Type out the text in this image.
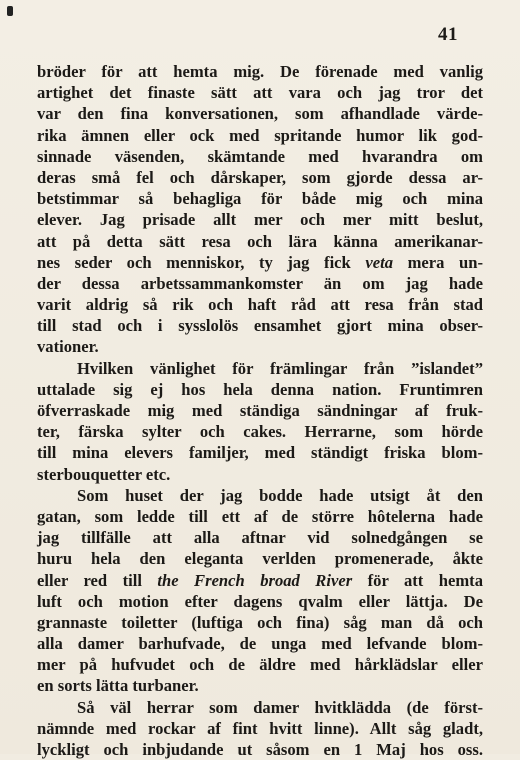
41
bröder för att hemta mig. De förenade med vanlig
artighet det finaste sätt att vara och jag tror det
var den fina konversationen, som afhandlade värde-
rika ämnen eller ock med spritande humor lik god-
sinnade väsenden, skämtande med hvarandra om
deras små fel och dårskaper, som gjorde dessa ar-
betstimmar så behagliga för både mig och mina
elever. Jag prisade allt mer och mer mitt beslut,
att på detta sätt resa och lära känna amerikanar-
nes seder och menniskor, ty jag fick veta mera un-
der dessa arbetssammankomster än om jag hade
varit aldrig så rik och haft råd att resa från stad
till stad och i sysslolös ensamhet gjort mina obser-
vationer.
Hvilken vänlighet för främlingar från ”islandet”
uttalade sig ej hos hela denna nation. Fruntimren
öfverraskade mig med ständiga sändningar af fruk-
ter, färska sylter och cakes. Herrarne, som hörde
till mina elevers familjer, med ständigt friska blom-
sterbouquetter etc.
Som huset der jag bodde hade utsigt åt den
gatan, som ledde till ett af de större hôtelerna hade
jag tillfälle att alla aftnar vid solnedgången se
huru hela den eleganta verlden promenerade, åkte
eller red till the French broad River för att hemta
luft och motion efter dagens qvalm eller lättja. De
grannaste toiletter (luftiga och fina) såg man då och
alla damer barhufvade, de unga med lefvande blom-
mer på hufvudet och de äldre med hårklädslar eller
en sorts lätta turbaner.
Så väl herrar som damer hvitklädda (de först-
nämnde med rockar af fint hvitt linne). Allt såg gladt,
lyckligt och inbjudande ut såsom en 1 Maj hos oss.
